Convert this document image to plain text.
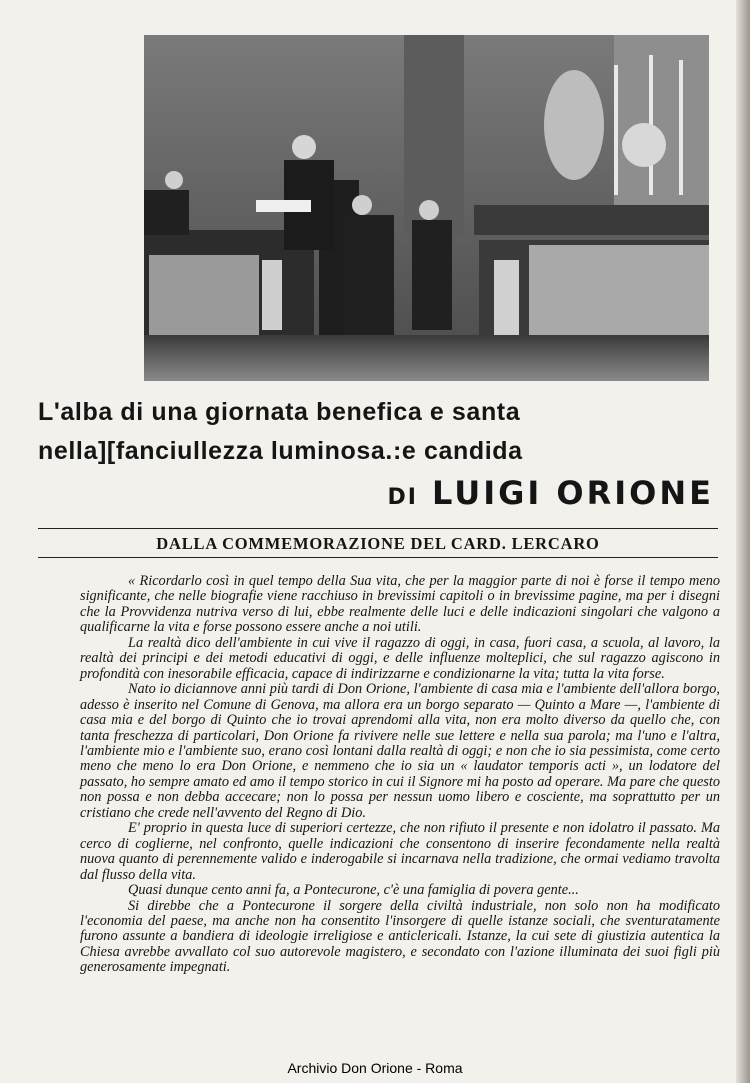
L'alba di una giornata benefica e santa
nella][fanciullezza luminosa.:e candida
DI LUIGI ORIONE
DALLA COMMEMORAZIONE DEL CARD. LERCARO

« Ricordarlo così in quel tempo della Sua vita, che per la maggior parte di noi è forse il tempo meno significante, che nelle biografie viene racchiuso in brevissimi capitoli o in brevissime pagine, ma per i disegni che la Provvidenza nutriva verso di lui, ebbe realmente delle luci e delle indicazioni singolari che valgono a qualificarne la vita e forse possono essere anche a noi utili.

La realtà dico dell'ambiente in cui vive il ragazzo di oggi, in casa, fuori casa, a scuola, al lavoro, la realtà dei principi e dei metodi educativi di oggi, e delle influenze molteplici, che sul ragazzo agiscono in profondità con inesorabile efficacia, capace di indirizzarne e condizionarne la vita; tutta la vita forse.

Nato io diciannove anni più tardi di Don Orione, l'ambiente di casa mia e l'ambiente dell'allora borgo, adesso è inserito nel Comune di Genova, ma allora era un borgo separato — Quinto a Mare —, l'ambiente di casa mia e del borgo di Quinto che io trovai aprendomi alla vita, non era molto diverso da quello che, con tanta freschezza di particolari, Don Orione fa rivivere nelle sue lettere e nella sua parola; ma l'uno e l'altra, l'ambiente mio e l'ambiente suo, erano così lontani dalla realtà di oggi; e non che io sia pessimista, come certo meno che meno lo era Don Orione, e nemmeno che io sia un « laudator temporis acti », un lodatore del passato, ho sempre amato ed amo il tempo storico in cui il Signore mi ha posto ad operare. Ma pare che questo non possa e non debba accecare; non lo possa per nessun uomo libero e cosciente, ma soprattutto per un cristiano che crede nell'avvento del Regno di Dio.

E' proprio in questa luce di superiori certezze, che non rifiuto il presente e non idolatro il passato. Ma cerco di coglierne, nel confronto, quelle indicazioni che consentono di inserire fecondamente nella realtà nuova quanto di perennemente valido e inderogabile si incarnava nella tradizione, che ormai vediamo travolta dal flusso della vita.

Quasi dunque cento anni fa, a Pontecurone, c'è una famiglia di povera gente...

Si direbbe che a Pontecurone il sorgere della civiltà industriale, non solo non ha modificato l'economia del paese, ma anche non ha consentito l'insorgere di quelle istanze sociali, che sventuratamente furono assunte a bandiera di ideologie irreligiose e anticlericali. Istanze, la cui sete di giustizia autentica la Chiesa avrebbe avvallato col suo autorevole magistero, e secondato con l'azione illuminata dei suoi figli più generosamente impegnati.

Archivio Don Orione - Roma
